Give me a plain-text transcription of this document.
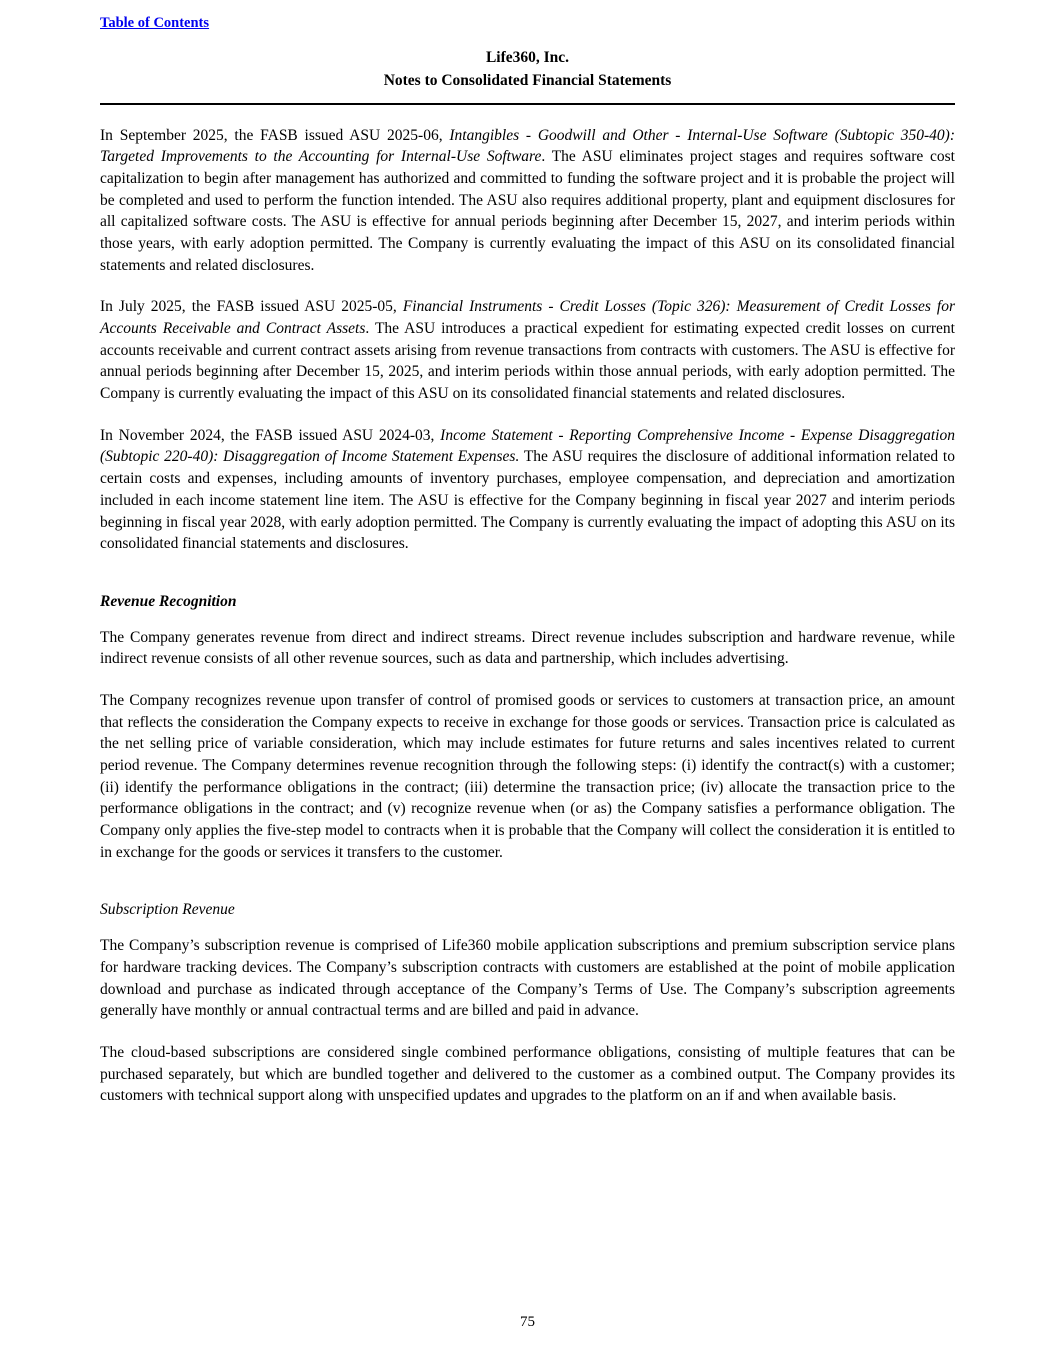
Table of Contents
Life360, Inc.
Notes to Consolidated Financial Statements

In September 2025, the FASB issued ASU 2025-06, Intangibles - Goodwill and Other - Internal-Use Software (Subtopic 350-40): Targeted Improvements to the Accounting for Internal-Use Software. The ASU eliminates project stages and requires software cost capitalization to begin after management has authorized and committed to funding the software project and it is probable the project will be completed and used to perform the function intended. The ASU also requires additional property, plant and equipment disclosures for all capitalized software costs. The ASU is effective for annual periods beginning after December 15, 2027, and interim periods within those years, with early adoption permitted. The Company is currently evaluating the impact of this ASU on its consolidated financial statements and related disclosures.

In July 2025, the FASB issued ASU 2025-05, Financial Instruments - Credit Losses (Topic 326): Measurement of Credit Losses for Accounts Receivable and Contract Assets. The ASU introduces a practical expedient for estimating expected credit losses on current accounts receivable and current contract assets arising from revenue transactions from contracts with customers. The ASU is effective for annual periods beginning after December 15, 2025, and interim periods within those annual periods, with early adoption permitted. The Company is currently evaluating the impact of this ASU on its consolidated financial statements and related disclosures.

In November 2024, the FASB issued ASU 2024-03, Income Statement - Reporting Comprehensive Income - Expense Disaggregation (Subtopic 220-40): Disaggregation of Income Statement Expenses. The ASU requires the disclosure of additional information related to certain costs and expenses, including amounts of inventory purchases, employee compensation, and depreciation and amortization included in each income statement line item. The ASU is effective for the Company beginning in fiscal year 2027 and interim periods beginning in fiscal year 2028, with early adoption permitted. The Company is currently evaluating the impact of adopting this ASU on its consolidated financial statements and disclosures.

Revenue Recognition

The Company generates revenue from direct and indirect streams. Direct revenue includes subscription and hardware revenue, while indirect revenue consists of all other revenue sources, such as data and partnership, which includes advertising.

The Company recognizes revenue upon transfer of control of promised goods or services to customers at transaction price, an amount that reflects the consideration the Company expects to receive in exchange for those goods or services. Transaction price is calculated as the net selling price of variable consideration, which may include estimates for future returns and sales incentives related to current period revenue. The Company determines revenue recognition through the following steps: (i) identify the contract(s) with a customer; (ii) identify the performance obligations in the contract; (iii) determine the transaction price; (iv) allocate the transaction price to the performance obligations in the contract; and (v) recognize revenue when (or as) the Company satisfies a performance obligation. The Company only applies the five-step model to contracts when it is probable that the Company will collect the consideration it is entitled to in exchange for the goods or services it transfers to the customer.

Subscription Revenue

The Company’s subscription revenue is comprised of Life360 mobile application subscriptions and premium subscription service plans for hardware tracking devices. The Company’s subscription contracts with customers are established at the point of mobile application download and purchase as indicated through acceptance of the Company’s Terms of Use. The Company’s subscription agreements generally have monthly or annual contractual terms and are billed and paid in advance.

The cloud-based subscriptions are considered single combined performance obligations, consisting of multiple features that can be purchased separately, but which are bundled together and delivered to the customer as a combined output. The Company provides its customers with technical support along with unspecified updates and upgrades to the platform on an if and when available basis.

75
